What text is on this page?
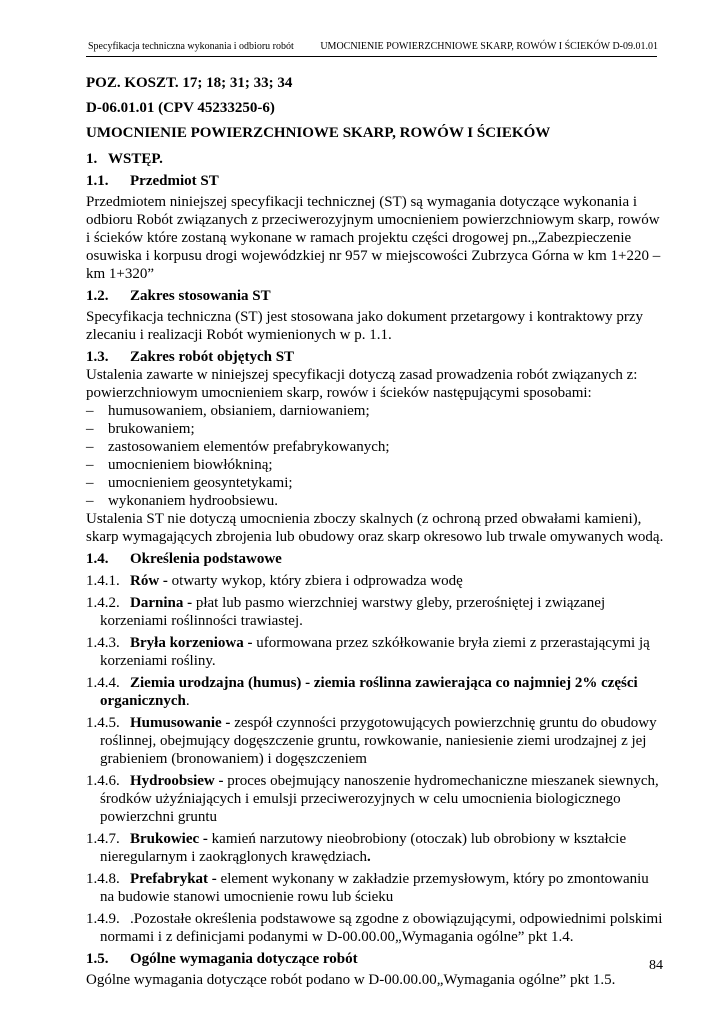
Specyfikacja techniczna wykonania i odbioru robót	UMOCNIENIE POWIERZCHNIOWE SKARP, ROWÓW I ŚCIEKÓW D-09.01.01
POZ. KOSZT. 17; 18; 31; 33; 34
D-06.01.01 (CPV 45233250-6)
UMOCNIENIE POWIERZCHNIOWE SKARP, ROWÓW I ŚCIEKÓW
1. WSTĘP.
1.1. Przedmiot ST

Przedmiotem niniejszej specyfikacji technicznej (ST) są wymagania dotyczące wykonania i odbioru Robót związanych z przeciwerozyjnym umocnieniem powierzchniowym skarp, rowów i ścieków które zostaną wykonane w ramach projektu części drogowej pn.„Zabezpieczenie osuwiska i korpusu drogi wojewódzkiej nr 957 w miejscowości Zubrzyca Górna w km 1+220 – km 1+320”

1.2. Zakres stosowania ST

Specyfikacja techniczna (ST) jest stosowana jako dokument przetargowy i kontraktowy przy zlecaniu i realizacji Robót wymienionych w p. 1.1.

1.3. Zakres robót objętych ST

Ustalenia zawarte w niniejszej specyfikacji dotyczą zasad prowadzenia robót związanych z: powierzchniowym umocnieniem skarp, rowów i ścieków następującymi sposobami:

– humusowaniem, obsianiem, darniowaniem;
– brukowaniem;
– zastosowaniem elementów prefabrykowanych;
– umocnieniem biowłókniną;
– umocnieniem geosyntetykami;
– wykonaniem hydroobsiewu.

Ustalenia ST nie dotyczą umocnienia zboczy skalnych (z ochroną przed obwałami kamieni), skarp wymagających zbrojenia lub obudowy oraz skarp okresowo lub trwale omywanych wodą.

1.4. Określenia podstawowe
1.4.1. Rów - otwarty wykop, który zbiera i odprowadza wodę
1.4.2. Darnina - płat lub pasmo wierzchniej warstwy gleby, przerośniętej i związanej korzeniami roślinności trawiastej.
1.4.3. Bryła korzeniowa - uformowana przez szkółkowanie bryła ziemi z przerastającymi ją korzeniami rośliny.
1.4.4. Ziemia urodzajna (humus) - ziemia roślinna zawierająca co najmniej 2% części organicznych.
1.4.5. Humusowanie - zespół czynności przygotowujących powierzchnię gruntu do obudowy roślinnej, obejmujący dogęszczenie gruntu, rowkowanie, naniesienie ziemi urodzajnej z jej grabieniem (bronowaniem) i dogęszczeniem
1.4.6. Hydroobsiew - proces obejmujący nanoszenie hydromechaniczne mieszanek siewnych, środków użyźniających i emulsji przeciwerozyjnych w celu umocnienia biologicznego powierzchni gruntu
1.4.7. Brukowiec - kamień narzutowy nieobrobiony (otoczak) lub obrobiony w kształcie nieregularnym i zaokrąglonych krawędziach.
1.4.8. Prefabrykat - element wykonany w zakładzie przemysłowym, który po zmontowaniu na budowie stanowi umocnienie rowu lub ścieku
1.4.9. .Pozostałe określenia podstawowe są zgodne z obowiązującymi, odpowiednimi polskimi normami i z definicjami podanymi w D-00.00.00„Wymagania ogólne” pkt 1.4.
1.5. Ogólne wymagania dotyczące robót

Ogólne wymagania dotyczące robót podano w D-00.00.00„Wymagania ogólne” pkt 1.5.

84
